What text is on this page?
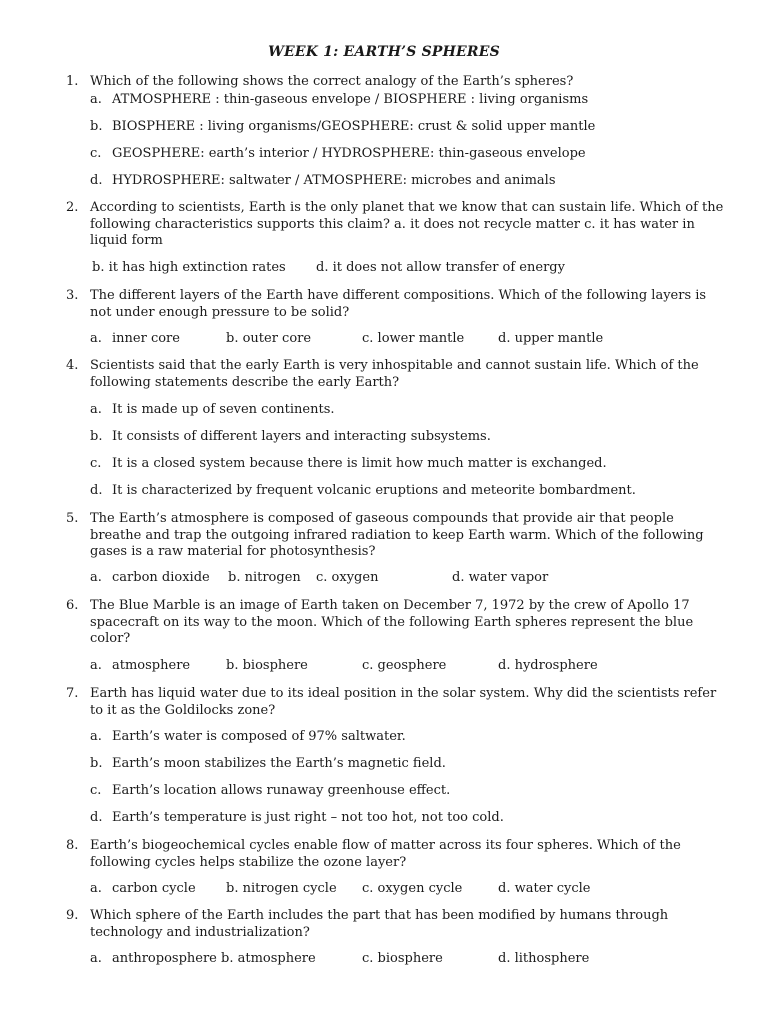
WEEK 1: EARTH’S SPHERES
1. Which of the following shows the correct analogy of the Earth’s spheres?
a. ATMOSPHERE : thin-gaseous envelope / BIOSPHERE : living organisms
b. BIOSPHERE : living organisms/GEOSPHERE: crust & solid upper mantle
c. GEOSPHERE: earth’s interior / HYDROSPHERE: thin-gaseous envelope
d. HYDROSPHERE: saltwater / ATMOSPHERE: microbes and animals
2. According to scientists, Earth is the only planet that we know that can sustain life. Which of the following characteristics supports this claim? a. it does not recycle matter c. it has water in liquid form
b. it has high extinction rates d. it does not allow transfer of energy
3. The different layers of the Earth have different compositions. Which of the following layers is not under enough pressure to be solid?
a. inner core	b. outer core	c. lower mantle	d. upper mantle
4. Scientists said that the early Earth is very inhospitable and cannot sustain life. Which of the following statements describe the early Earth?
a. It is made up of seven continents.
b. It consists of different layers and interacting subsystems.
c. It is a closed system because there is limit how much matter is exchanged.
d. It is characterized by frequent volcanic eruptions and meteorite bombardment.
5. The Earth’s atmosphere is composed of gaseous compounds that provide air that people breathe and trap the outgoing infrared radiation to keep Earth warm. Which of the following gases is a raw material for photosynthesis?
a. carbon dioxide b. nitrogen c. oxygen	d. water vapor
6. The Blue Marble is an image of Earth taken on December 7, 1972 by the crew of Apollo 17 spacecraft on its way to the moon. Which of the following Earth spheres represent the blue color?
a. atmosphere	b. biosphere	c. geosphere	d. hydrosphere
7. Earth has liquid water due to its ideal position in the solar system. Why did the scientists refer to it as the Goldilocks zone?
a. Earth’s water is composed of 97% saltwater.
b. Earth’s moon stabilizes the Earth’s magnetic field.
c. Earth’s location allows runaway greenhouse effect.
d. Earth’s temperature is just right – not too hot, not too cold.
8. Earth’s biogeochemical cycles enable flow of matter across its four spheres. Which of the following cycles helps stabilize the ozone layer?
a. carbon cycle b. nitrogen cycle c. oxygen cycle	d. water cycle
9. Which sphere of the Earth includes the part that has been modified by humans through technology and industrialization?
a. anthroposphere b. atmosphere	c. biosphere	d. lithosphere
